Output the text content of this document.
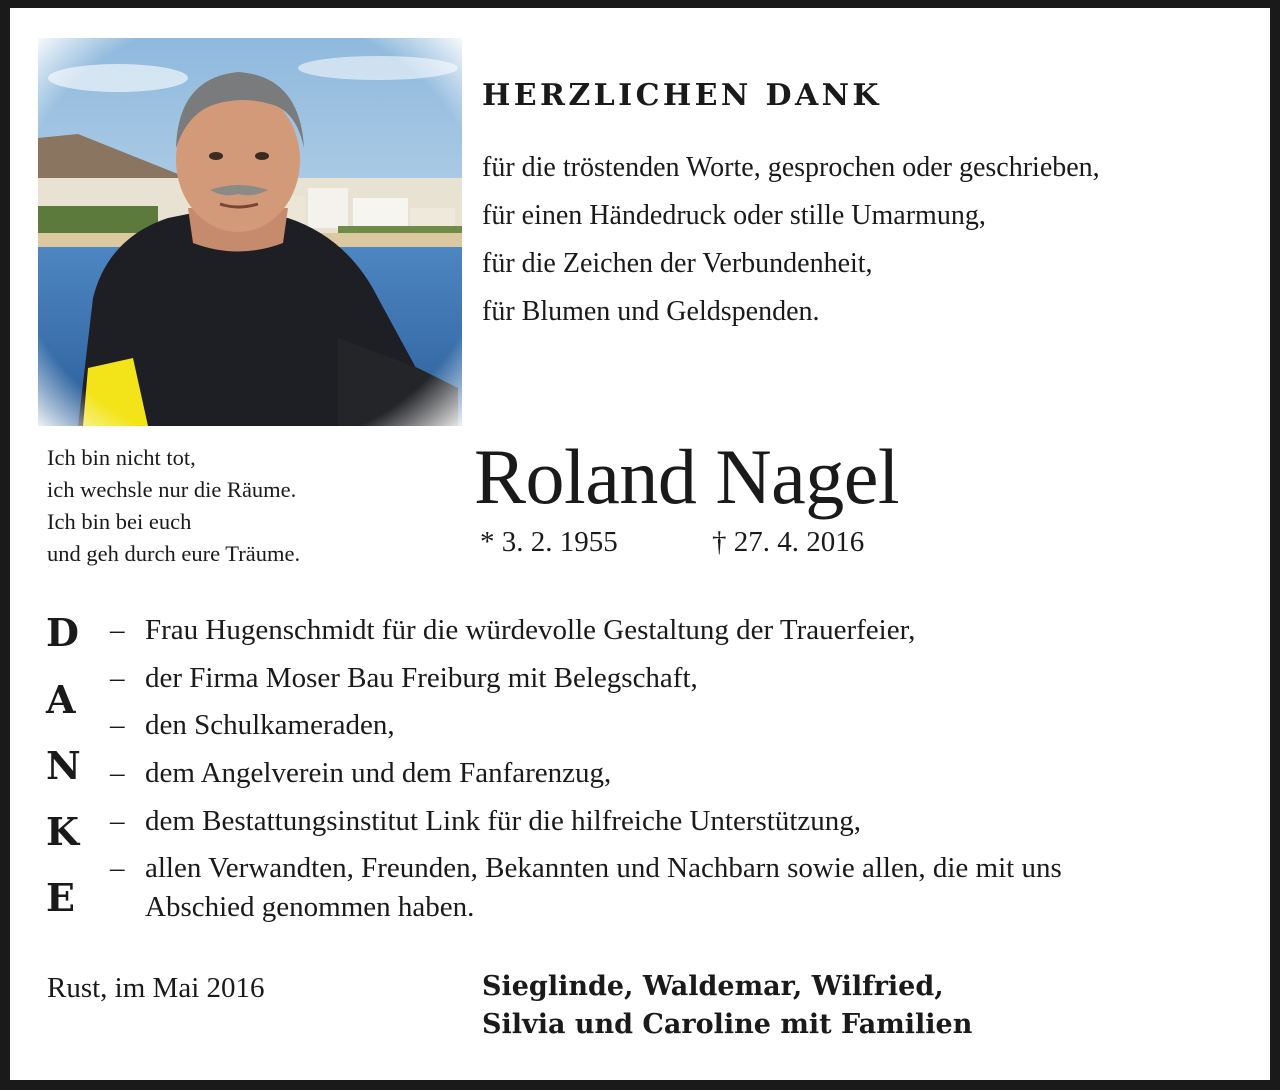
HERZLICHEN DANK
für die tröstenden Worte, gesprochen oder geschrieben,
für einen Händedruck oder stille Umarmung,
für die Zeichen der Verbundenheit,
für Blumen und Geldspenden.
Ich bin nicht tot,
ich wechsle nur die Räume.
Ich bin bei euch
und geh durch eure Träume.
Roland Nagel
* 3. 2. 1955	† 27. 4. 2016
D
A
N
K
E
– Frau Hugenschmidt für die würdevolle Gestaltung der Trauerfeier,
– der Firma Moser Bau Freiburg mit Belegschaft,
– den Schulkameraden,
– dem Angelverein und dem Fanfarenzug,
– dem Bestattungsinstitut Link für die hilfreiche Unterstützung,
– allen Verwandten, Freunden, Bekannten und Nachbarn sowie allen, die mit uns
Abschied genommen haben.
Rust, im Mai 2016	Sieglinde, Waldemar, Wilfried,
Silvia und Caroline mit Familien
